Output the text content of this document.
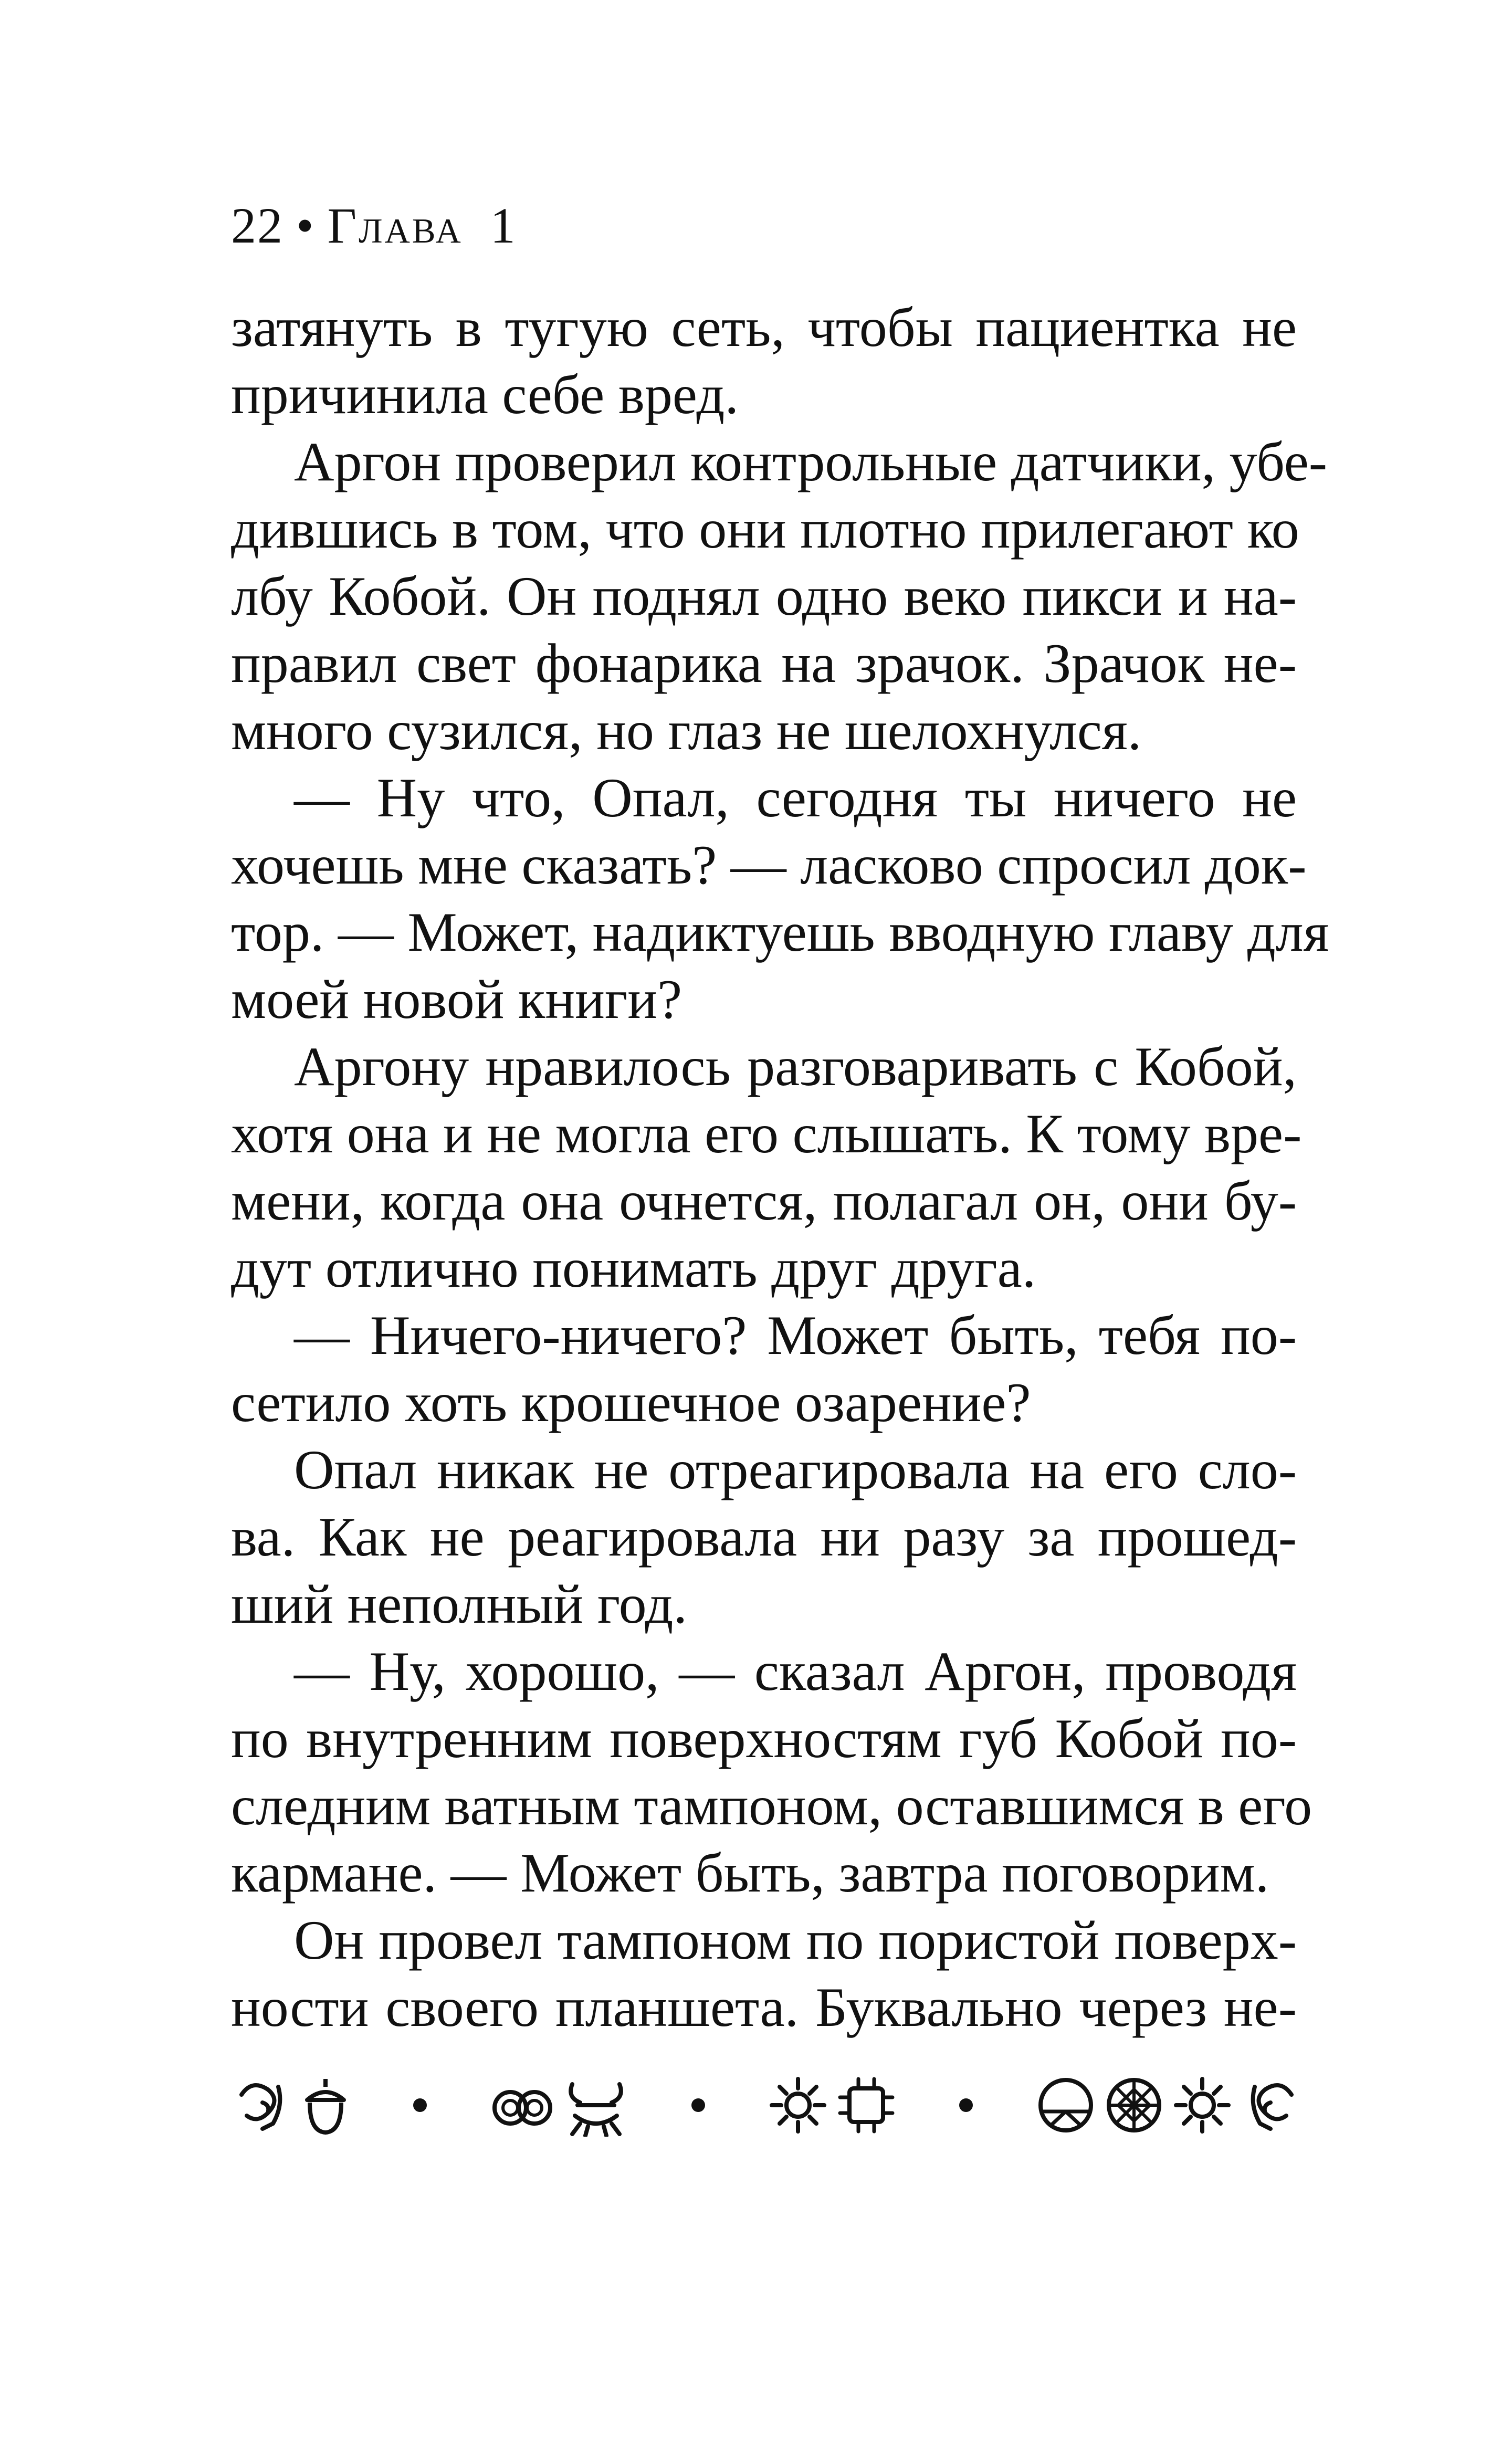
22 • Глава 1
затянуть в тугую сеть, чтобы пациентка не
причинила себе вред.
Аргон проверил контрольные датчики, убе-
дившись в том, что они плотно прилегают ко
лбу Кобой. Он поднял одно веко пикси и на-
правил свет фонарика на зрачок. Зрачок не-
много сузился, но глаз не шелохнулся.
— Ну что, Опал, сегодня ты ничего не
хочешь мне сказать? — ласково спросил док-
тор. — Может, надиктуешь вводную главу для
моей новой книги?
Аргону нравилось разговаривать с Кобой,
хотя она и не могла его слышать. К тому вре-
мени, когда она очнется, полагал он, они бу-
дут отлично понимать друг друга.
— Ничего-ничего? Может быть, тебя по-
сетило хоть крошечное озарение?
Опал никак не отреагировала на его сло-
ва. Как не реагировала ни разу за прошед-
ший неполный год.
— Ну, хорошо, — сказал Аргон, проводя
по внутренним поверхностям губ Кобой по-
следним ватным тампоном, оставшимся в его
кармане. — Может быть, завтра поговорим.
Он провел тампоном по пористой поверх-
ности своего планшета. Буквально через не-
